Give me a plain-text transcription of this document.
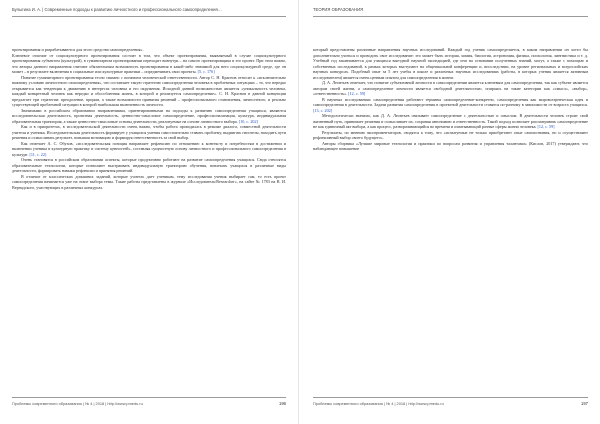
Булыгина И. А. | Современные подходы к развитию личностного и профессионального самоопределения…

проектирования и разрабатываются для этого средства самоопределения».

Ключевое отличие от социокультурного проектирования состоит в том, что объект проектирования, выявляемый в случае социокультурного проектирования субъектом (культурой), в гуманитарном проектировании переходит вовнутрь – на самого проектировщика и его проект. При этом важно, что авторы данного направления считают обязательным возможность проектирования в какой-либо значимой для него социокультурной среде, где он может – в результате включения в социальные или культурные практики – опредмечивать свои проекты. [5, с. 176]

Понятие гуманитарного проектирования тесно связано с понятием человеческой ответственности. Автор С. Н. Краснов относит к «исключительно важному условию личностного самоопределения», что составляет такую стратегию самоопределения человека в проблемных ситуациях – то, что нередко открывается как тенденция к движению в интересах человека и его окружения. Исходной данной возможностью является «уникальность человека, каждый конкретный человек как нередко и обособленная жизнь, в которой и реализуется самоопределение». С. Н. Краснов в данной концепции предлагает три стратегии: преодоление, прорыв, а также возможности принятия решений – профессионального становления, личностного, и реально существующей проблемной ситуации в которой наибольшая включенность личности.

Значимыми в российском образовании направлениями, ориентированными на подходы к развитию самоопределения учащихся, являются исследовательская деятельность, проектная деятельность, ценностно-смысловое самоопределение, профессионализация, культура, индивидуальная образовательная траектория, а также ценностно-смысловые основы деятельности, реализуемые на основе личностного выбора. [10, с. 202]

Как и в приоритетах, в исследовательской деятельности очень важно, чтобы работа проводилась в режиме диалога, совместной деятельности учителя и ученика. Исследовательская деятельность формирует у учащихся умения самостоятельно ставить проблему, выдвигать гипотезы, находить пути решения и осмысливать результат, повышая мотивацию и формируя ответственность за свой выбор.

Как отмечает А. С. Обухов, «исследовательская позиция направляет рефлексию по отношению к контексту и потребностям в достижении и включении ученика в культурную практику и систему ценностей», составляя сущностную основу личностного и профессионального самоопределения в культуре. [11, с. 22]

Очень становятся в российском образовании аспекты, которые продуктивно работают на развитие самоопределения учащихся. Сюда относятся образовательные технологии, которые позволяют выстраивать индивидуальную траекторию обучения, вовлекать учащихся в различные виды деятельности, формировать навыки рефлексии и принятия решений.

В отличие от классических домашних заданий, которые учитель дает ученикам, тему исследования ученик выбирает сам, то есть проект самоопределения начинается уже на этапе выбора темы. Такие работы представлены в журнале «Исследователь/Researcher», на сайте № 1783 на В. И. Вернадского, участвующих в различных конкурсах.

Проблемы современного образования | № 4 | 2018 | http://www.pmedu.ru	196
ТЕОРИЯ ОБРАЗОВАНИЯ

который представлены различные направления научных исследований. Каждый год ученик самоопределяется, в каком направлении он хотел бы дополнительно учиться и проводить свое исследование: это может быть история, химия, биология, астрономия, физика, психология, лингвистика и т. д. Учебный год заканчивается для учащихся выездной научной экспедицией, где они на основании полученных знаний, могут, а также с помощью и собственных исследований, в рамках которых выступают на общешкольной конференции и, впоследствии, на уровне региональных и всероссийских научных конкурсах. Подобный опыт за 5 лет учебы в школе и различных научных исследованиях (работы, в которых ученик является активным исследователем) является очень ценным опытом для самоопределения в жизни.

Д. А. Леонтьев отмечает, что понятие субъективной личности в самоопределении является ключевым для самоопределения, так как субъект является актором своей жизни, а самоопределение личности является свободной деятельностью, опираясь на такие категории как «смысл», «выбор», «ответственность». [12, с. 59]

В научных исследованиях самоопределения работают термины самоопределение-конкретно, самоопределения как мировоззренческая идея и самоопределения в деятельности. Задачи развития самоопределения в проектной деятельности ставятся по-разному в зависимости от возраста учащихся. [13, с. 202]

Методологически значимо, как Д. А. Леонтьев связывает самоопределение с деятельностью и смыслом. В деятельности человек строит свой жизненный путь, принимает решения и осмысливает их, сохраняя автономию и ответственность. Такой подход позволяет рассматривать самоопределение не как единичный акт выбора, а как процесс, разворачивающийся во времени и охватывающий разные сферы жизни человека. [12, с. 59]

Результаты, по мнению экспериментаторов, сводятся к тому, что «испытуемые не только приобретают опыт самопознания, но и осуществляют рефлексивный выбор своего будущего».

Авторы сборника «Лучшие мировые технологии и практики по вопросам развития и управления талантами» (Кислов, 2017) утверждают, что наблюдающее повышение

Проблемы современного образования | № 4 | 2018 | http://www.pmedu.ru	197
